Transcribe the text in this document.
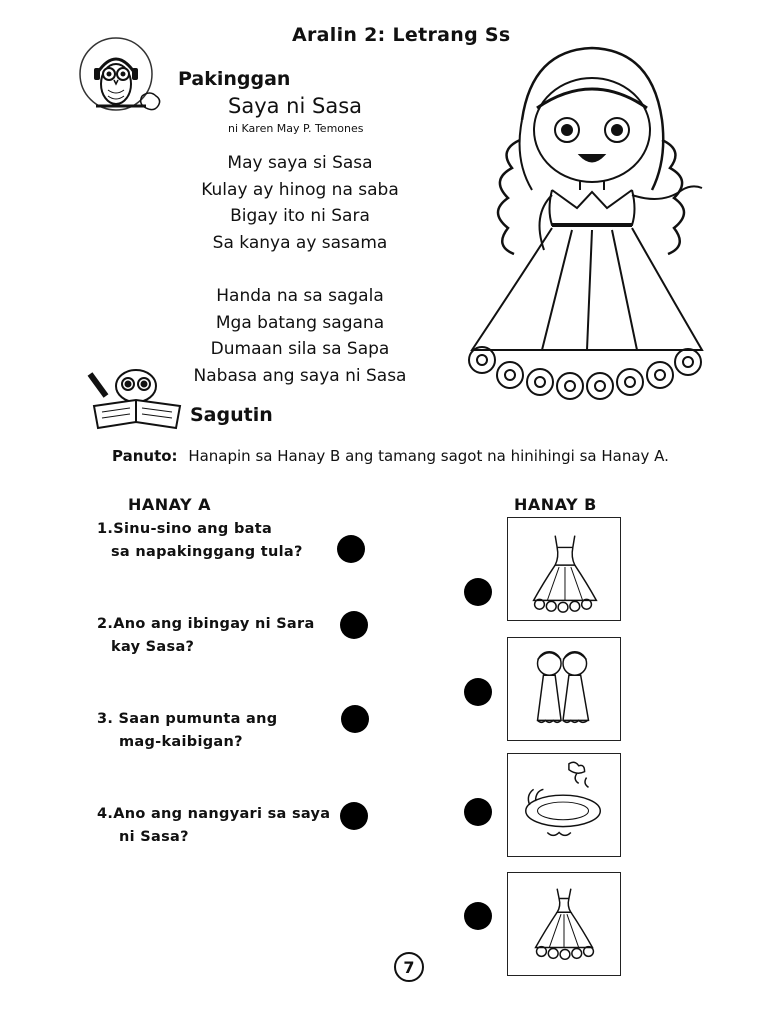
Aralin 2: Letrang Ss
Pakinggan
Saya ni Sasa
ni Karen May P. Temones
May saya si Sasa
Kulay ay hinog na saba
Bigay ito ni Sara
Sa kanya ay sasama
Handa na sa sagala
Mga batang sagana
Dumaan sila sa Sapa
Nabasa ang saya ni Sasa
Sagutin
Panuto: Hanapin sa Hanay B ang tamang sagot na hinihingi sa Hanay A.
HANAY A	HANAY B
1.Sinu-sino ang bata
sa napakinggang tula?
2.Ano ang ibingay ni Sara
kay Sasa?
3. Saan pumunta ang
mag-kaibigan?
4.Ano ang nangyari sa saya
ni Sasa?
7
